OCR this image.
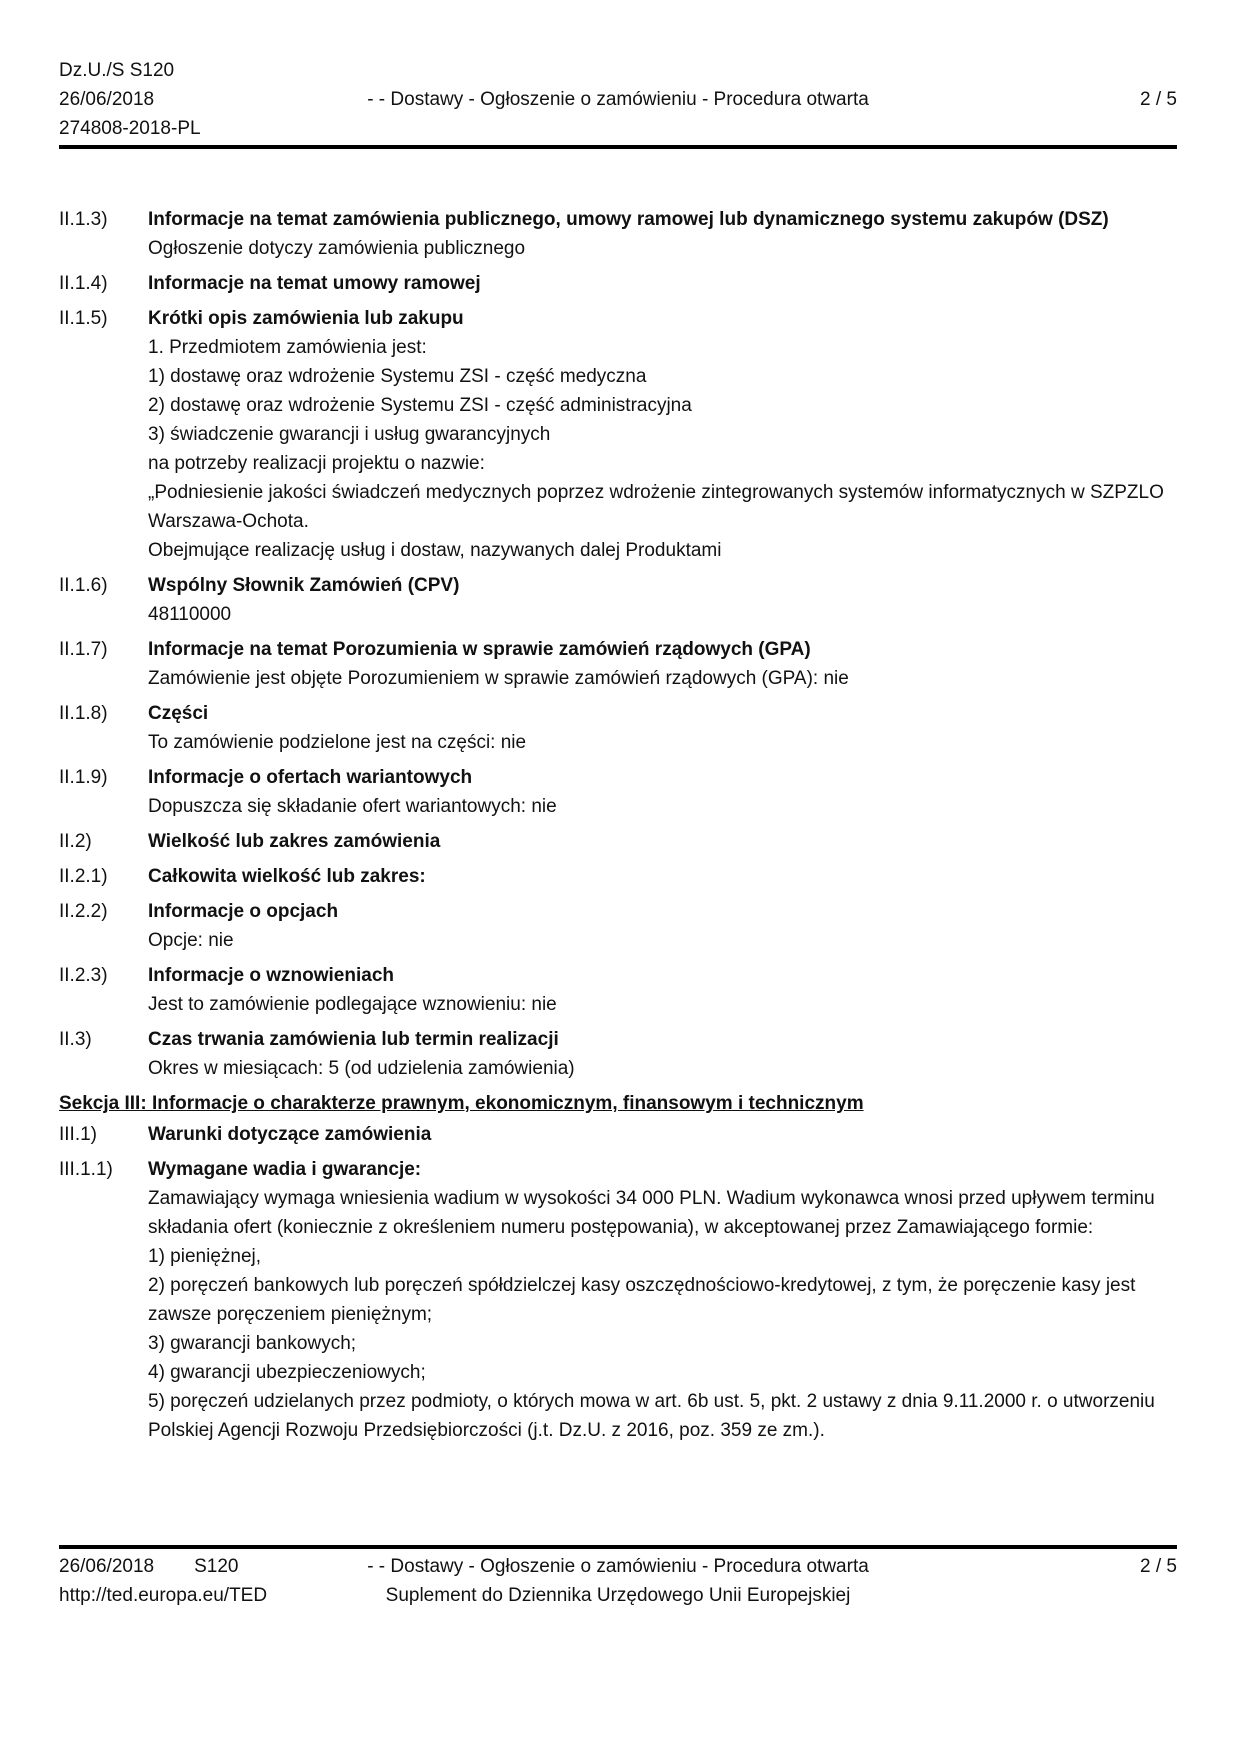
Dz.U./S S120
26/06/2018
274808-2018-PL
- - Dostawy - Ogłoszenie o zamówieniu - Procedura otwarta	2 / 5
II.1.3)	Informacje na temat zamówienia publicznego, umowy ramowej lub dynamicznego systemu zakupów (DSZ)
Ogłoszenie dotyczy zamówienia publicznego
II.1.4)	Informacje na temat umowy ramowej
II.1.5)	Krótki opis zamówienia lub zakupu
1. Przedmiotem zamówienia jest:
1) dostawę oraz wdrożenie Systemu ZSI - część medyczna
2) dostawę oraz wdrożenie Systemu ZSI - część administracyjna
3) świadczenie gwarancji i usług gwarancyjnych
na potrzeby realizacji projektu o nazwie:
„Podniesienie jakości świadczeń medycznych poprzez wdrożenie zintegrowanych systemów informatycznych w SZPZLO Warszawa-Ochota.
Obejmujące realizację usług i dostaw, nazywanych dalej Produktami
II.1.6)	Wspólny Słownik Zamówień (CPV)
48110000
II.1.7)	Informacje na temat Porozumienia w sprawie zamówień rządowych (GPA)
Zamówienie jest objęte Porozumieniem w sprawie zamówień rządowych (GPA): nie
II.1.8)	Części
To zamówienie podzielone jest na części: nie
II.1.9)	Informacje o ofertach wariantowych
Dopuszcza się składanie ofert wariantowych: nie
II.2)	Wielkość lub zakres zamówienia
II.2.1)	Całkowita wielkość lub zakres:
II.2.2)	Informacje o opcjach
Opcje: nie
II.2.3)	Informacje o wznowieniach
Jest to zamówienie podlegające wznowieniu: nie
II.3)	Czas trwania zamówienia lub termin realizacji
Okres w miesiącach: 5 (od udzielenia zamówienia)
Sekcja III: Informacje o charakterze prawnym, ekonomicznym, finansowym i technicznym
III.1)	Warunki dotyczące zamówienia
III.1.1)	Wymagane wadia i gwarancje:
Zamawiający wymaga wniesienia wadium w wysokości 34 000 PLN. Wadium wykonawca wnosi przed upływem terminu składania ofert (koniecznie z określeniem numeru postępowania), w akceptowanej przez Zamawiającego formie:
1) pieniężnej,
2) poręczeń bankowych lub poręczeń spółdzielczej kasy oszczędnościowo-kredytowej, z tym, że poręczenie kasy jest zawsze poręczeniem pieniężnym;
3) gwarancji bankowych;
4) gwarancji ubezpieczeniowych;
5) poręczeń udzielanych przez podmioty, o których mowa w art. 6b ust. 5, pkt. 2 ustawy z dnia 9.11.2000 r. o utworzeniu Polskiej Agencji Rozwoju Przedsiębiorczości (j.t. Dz.U. z 2016, poz. 359 ze zm.).
26/06/2018 S120
http://ted.europa.eu/TED
- - Dostawy - Ogłoszenie o zamówieniu - Procedura otwarta
Suplement do Dziennika Urzędowego Unii Europejskiej
2 / 5
